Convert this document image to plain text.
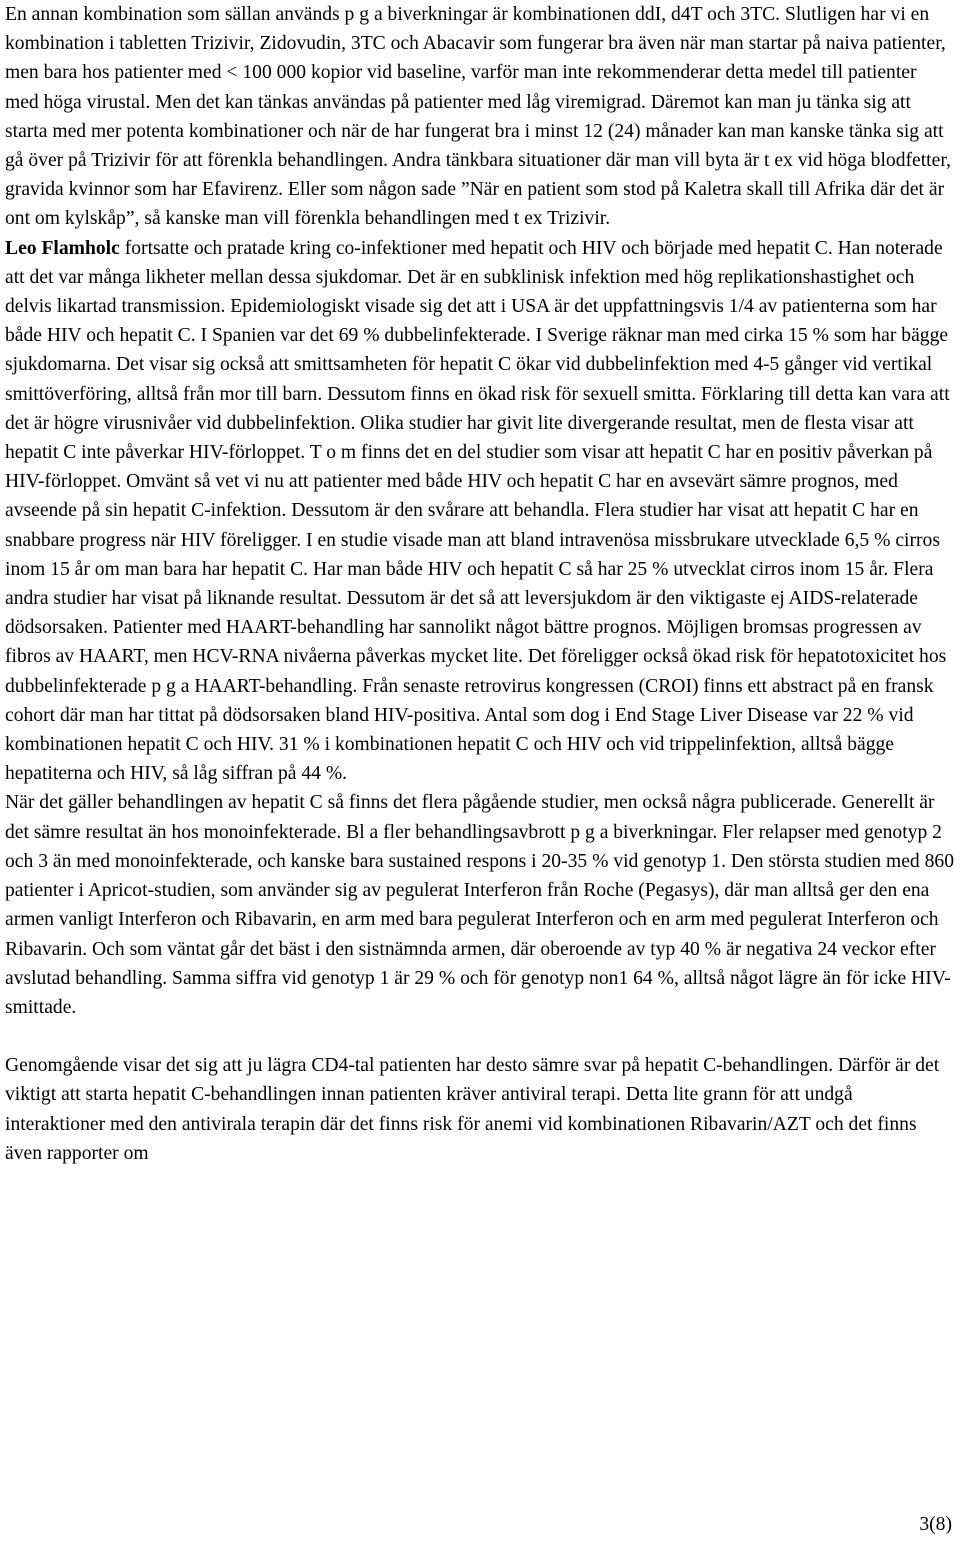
En annan kombination som sällan används p g a biverkningar är kombinationen ddI, d4T och 3TC. Slutligen har vi en kombination i tabletten Trizivir, Zidovudin, 3TC och Abacavir som fungerar bra även när man startar på naiva patienter, men bara hos patienter med < 100 000 kopior vid baseline, varför man inte rekommenderar detta medel till patienter med höga virustal. Men det kan tänkas användas på patienter med låg viremigrad. Däremot kan man ju tänka sig att starta med mer potenta kombinationer och när de har fungerat bra i minst 12 (24) månader kan man kanske tänka sig att gå över på Trizivir för att förenkla behandlingen. Andra tänkbara situationer där man vill byta är t ex vid höga blodfetter, gravida kvinnor som har Efavirenz. Eller som någon sade ”När en patient som stod på Kaletra skall till Afrika där det är ont om kylskåp”, så kanske man vill förenkla behandlingen med t ex Trizivir.

Leo Flamholc fortsatte och pratade kring co-infektioner med hepatit och HIV och började med hepatit C. Han noterade att det var många likheter mellan dessa sjukdomar. Det är en subklinisk infektion med hög replikationshastighet och delvis likartad transmission. Epidemiologiskt visade sig det att i USA är det uppfattningsvis 1/4 av patienterna som har både HIV och hepatit C. I Spanien var det 69 % dubbelinfekterade. I Sverige räknar man med cirka 15 % som har bägge sjukdomarna. Det visar sig också att smittsamheten för hepatit C ökar vid dubbelinfektion med 4-5 gånger vid vertikal smittöverföring, alltså från mor till barn. Dessutom finns en ökad risk för sexuell smitta. Förklaring till detta kan vara att det är högre virusnivåer vid dubbelinfektion. Olika studier har givit lite divergerande resultat, men de flesta visar att hepatit C inte påverkar HIV-förloppet. T o m finns det en del studier som visar att hepatit C har en positiv påverkan på HIV-förloppet. Omvänt så vet vi nu att patienter med både HIV och hepatit C har en avsevärt sämre prognos, med avseende på sin hepatit C-infektion. Dessutom är den svårare att behandla. Flera studier har visat att hepatit C har en snabbare progress när HIV föreligger. I en studie visade man att bland intravenösa missbrukare utvecklade 6,5 % cirros inom 15 år om man bara har hepatit C. Har man både HIV och hepatit C så har 25 % utvecklat cirros inom 15 år. Flera andra studier har visat på liknande resultat. Dessutom är det så att leversjukdom är den viktigaste ej AIDS-relaterade dödsorsaken. Patienter med HAART-behandling har sannolikt något bättre prognos. Möjligen bromsas progressen av fibros av HAART, men HCV-RNA nivåerna påverkas mycket lite. Det föreligger också ökad risk för hepatotoxicitet hos dubbelinfekterade p g a HAART-behandling. Från senaste retrovirus kongressen (CROI) finns ett abstract på en fransk cohort där man har tittat på dödsorsaken bland HIV-positiva. Antal som dog i End Stage Liver Disease var 22 % vid kombinationen hepatit C och HIV. 31 % i kombinationen hepatit C och HIV och vid trippelinfektion, alltså bägge hepatiterna och HIV, så låg siffran på 44 %.

När det gäller behandlingen av hepatit C så finns det flera pågående studier, men också några publicerade. Generellt är det sämre resultat än hos monoinfekterade. Bl a fler behandlingsavbrott p g a biverkningar. Fler relapser med genotyp 2 och 3 än med monoinfekterade, och kanske bara sustained respons i 20-35 % vid genotyp 1. Den största studien med 860 patienter i Apricot-studien, som använder sig av pegulerat Interferon från Roche (Pegasys), där man alltså ger den ena armen vanligt Interferon och Ribavarin, en arm med bara pegulerat Interferon och en arm med pegulerat Interferon och Ribavarin. Och som väntat går det bäst i den sistnämnda armen, där oberoende av typ 40 % är negativa 24 veckor efter avslutad behandling. Samma siffra vid genotyp 1 är 29 % och för genotyp non1 64 %, alltså något lägre än för icke HIV-smittade.

Genomgående visar det sig att ju lägra CD4-tal patienten har desto sämre svar på hepatit C-behandlingen. Därför är det viktigt att starta hepatit C-behandlingen innan patienten kräver antiviral terapi. Detta lite grann för att undgå interaktioner med den antivirala terapin där det finns risk för anemi vid kombinationen Ribavarin/AZT och det finns även rapporter om

3(8)
